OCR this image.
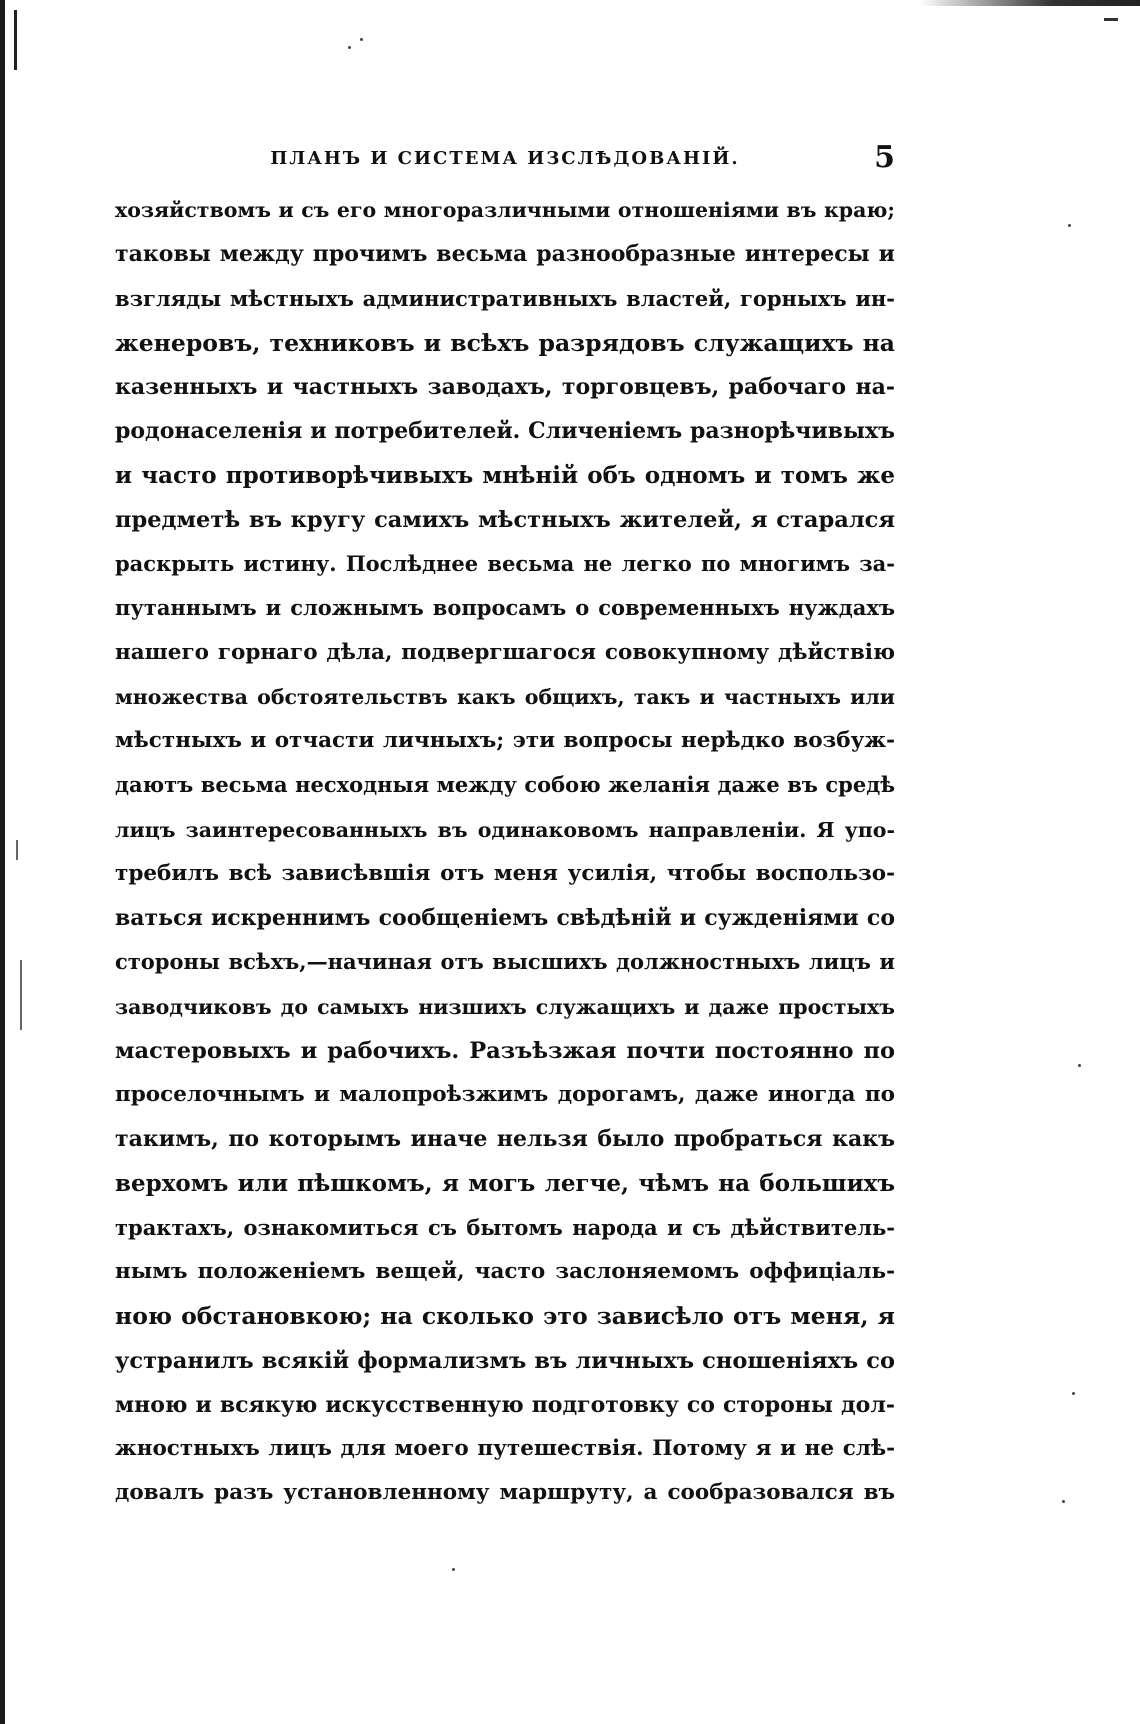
ПЛАНЪ И СИСТЕМА ИЗСЛѢДОВАНІЙ.	5
хозяйствомъ и съ его многоразличными отношеніями въ краю;
таковы между прочимъ весьма разнообразные интересы и
взгляды мѣстныхъ административныхъ властей, горныхъ ин-
женеровъ, техниковъ и всѣхъ разрядовъ служащихъ на
казенныхъ и частныхъ заводахъ, торговцевъ, рабочаго на-
родонаселенія и потребителей. Сличеніемъ разнорѣчивыхъ
и часто противорѣчивыхъ мнѣній объ одномъ и томъ же
предметѣ въ кругу самихъ мѣстныхъ жителей, я старался
раскрыть истину. Послѣднее весьма не легко по многимъ за-
путаннымъ и сложнымъ вопросамъ о современныхъ нуждахъ
нашего горнаго дѣла, подвергшагося совокупному дѣйствію
множества обстоятельствъ какъ общихъ, такъ и частныхъ или
мѣстныхъ и отчасти личныхъ; эти вопросы нерѣдко возбуж-
даютъ весьма несходныя между собою желанія даже въ средѣ
лицъ заинтересованныхъ въ одинаковомъ направленіи. Я упо-
требилъ всѣ зависѣвшія отъ меня усилія, чтобы воспользо-
ваться искреннимъ сообщеніемъ свѣдѣній и сужденіями со
стороны всѣхъ,—начиная отъ высшихъ должностныхъ лицъ и
заводчиковъ до самыхъ низшихъ служащихъ и даже простыхъ
мастеровыхъ и рабочихъ. Разъѣзжая почти постоянно по
проселочнымъ и малопроѣзжимъ дорогамъ, даже иногда по
такимъ, по которымъ иначе нельзя было пробраться какъ
верхомъ или пѣшкомъ, я могъ легче, чѣмъ на большихъ
трактахъ, ознакомиться съ бытомъ народа и съ дѣйствитель-
нымъ положеніемъ вещей, часто заслоняемомъ оффиціаль-
ною обстановкою; на сколько это зависѣло отъ меня, я
устранилъ всякій формализмъ въ личныхъ сношеніяхъ со
мною и всякую искусственную подготовку со стороны дол-
жностныхъ лицъ для моего путешествія. Потому я и не слѣ-
довалъ разъ установленному маршруту, а сообразовался въ
